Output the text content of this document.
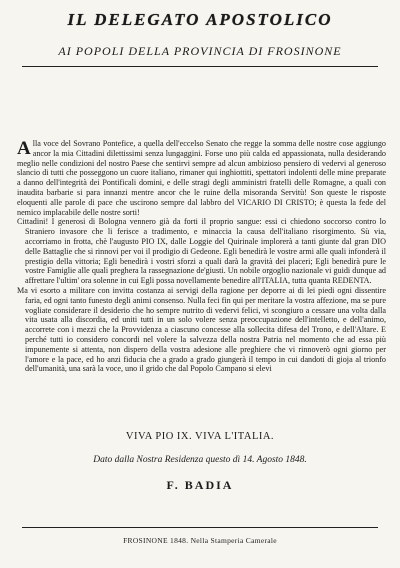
IL DELEGATO APOSTOLICO
AI POPOLI DELLA PROVINCIA DI FROSINONE

Alla voce del Sovrano Pontefice, a quella dell'eccelso Senato che regge la somma delle nostre cose aggiungo ancor la mia Cittadini dilettissimi senza lungaggini. Forse uno più calda ed appassionata, nulla desiderando meglio nelle condizioni del nostro Paese che sentirvi sempre ad alcun ambizioso pensiero di vedervi al generoso slancio di tutti che posseggono un cuore italiano, rimaner qui inghiottiti, spettatori indolenti delle mine preparate a danno dell'integrità dei Pontificali domini, e delle stragi degli amministri fratelli delle Romagne, a quali con inaudita barbarie si para innanzi mentre ancor che le ruine della misoranda Servitù! Son queste le risposte eloquenti alle parole di pace che uscirono sempre dal labbro del VICARIO DI CRISTO; è questa la fede del nemico implacabile delle nostre sorti!

Cittadini! I generosi di Bologna vennero già da forti il proprio sangue: essi ci chiedono soccorso contro lo Straniero invasore che li ferisce a tradimento, e minaccia la causa dell'italiano risorgimento. Sù via, accorriamo in frotta, chè l'augusto PIO IX, dalle Loggie del Quirinale implorerà a tanti giunte dal gran DIO delle Battaglie che si rinnovi per voi il prodigio di Gedeone. Egli benedirà le vostre armi alle quali infonderà il prestigio della vittoria; Egli benedirà i vostri sforzi a quali darà la gravità dei placeri; Egli benedirà pure le vostre Famiglie alle quali preghera la rassegnazione de'giusti. Un nobile orgoglio nazionale vi guidi dunque ad affrettare l'ultim' ora solenne in cui Egli possa novellamente benedire all'ITALIA, tutta quanta REDENTA.

Ma vi esorto a militare con invitta costanza ai servigi della ragione per deporre ai di lei piedi ogni dissentire faria, ed ogni tanto funesto degli animi consenso. Nulla feci fin qui per meritare la vostra affezione, ma se pure vogliate considerare il desiderio che ho sempre nutrito di vedervi felici, vi scongiuro a cessare una volta dalla vita usata alla discordia, ed uniti tutti in un solo volere senza preoccupazione dell'intelletto, e dell'animo, accorrete con i mezzi che la Provvidenza a ciascuno concesse alla sollecita difesa del Trono, e dell'Altare. E perché tutti io considero concordi nel volere la salvezza della nostra Patria nel momento che ad essa più impunemente si attenta, non dispero della vostra adesione alle preghiere che vi rinnoverò ogni giorno per l'amore e la pace, ed ho anzi fiducia che a grado a grado giungerà il tempo in cui dandoti di gioja al trionfo dell'umanità, una sarà la voce, uno il grido che dal Popolo Campano si elevi

VIVA PIO IX. VIVA L'ITALIA.
Dato dalla Nostra Residenza questo dì 14. Agosto 1848.
F. BADIA
FROSINONE 1848. Nella Stamperia Camerale
